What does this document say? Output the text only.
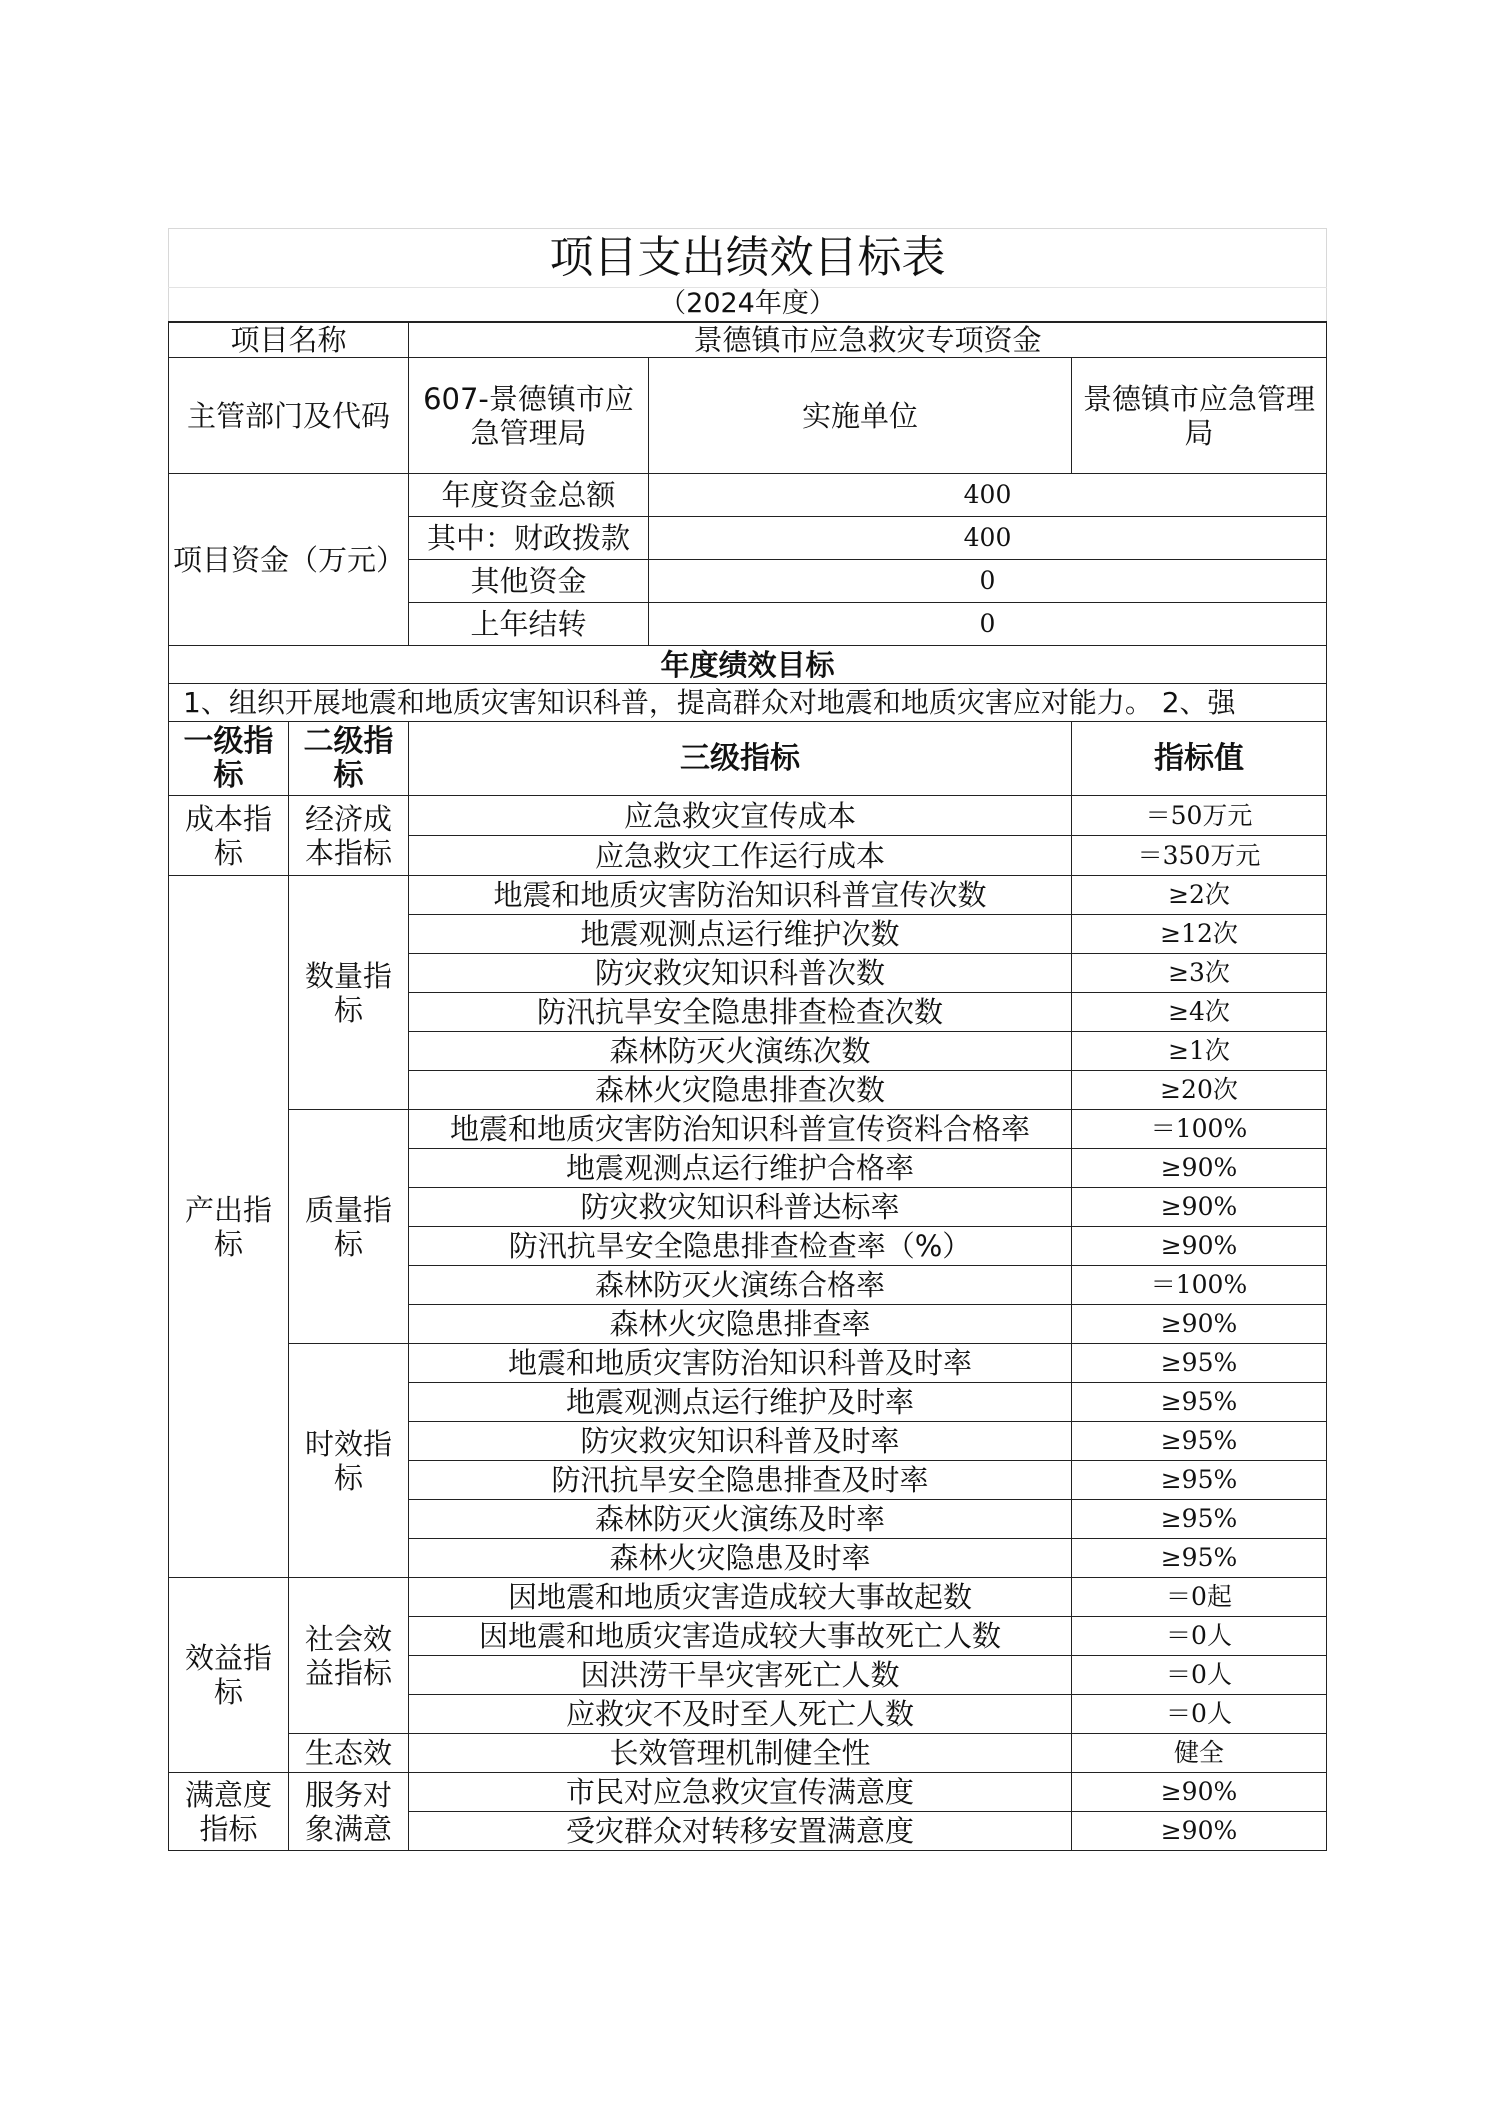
项目支出绩效目标表				
（2024年度）				
项目名称		景德镇市应急救灾专项资金		
主管部门及代码		607-景德镇市应急管理局	实施单位	景德镇市应急管理局
项目资金（万元）		年度资金总额	400	
		其中：财政拨款	400	
		其他资金	0	
		上年结转	0	
年度绩效目标				
1、组织开展地震和地质灾害知识科普，提高群众对地震和地质灾害应对能力。 2、强				
一级指标	二级指标	三级指标		指标值
成本指标	经济成本指标	应急救灾宣传成本		＝50万元
		应急救灾工作运行成本		＝350万元
产出指标	数量指标	地震和地质灾害防治知识科普宣传次数		≥2次
		地震观测点运行维护次数		≥12次
		防灾救灾知识科普次数		≥3次
		防汛抗旱安全隐患排查检查次数		≥4次
		森林防灭火演练次数		≥1次
		森林火灾隐患排查次数		≥20次
	质量指标	地震和地质灾害防治知识科普宣传资料合格率		＝100%
		地震观测点运行维护合格率		≥90%
		防灾救灾知识科普达标率		≥90%
		防汛抗旱安全隐患排查检查率（%）		≥90%
		森林防灭火演练合格率		＝100%
		森林火灾隐患排查率		≥90%
	时效指标	地震和地质灾害防治知识科普及时率		≥95%
		地震观测点运行维护及时率		≥95%
		防灾救灾知识科普及时率		≥95%
		防汛抗旱安全隐患排查及时率		≥95%
		森林防灭火演练及时率		≥95%
		森林火灾隐患及时率		≥95%
效益指标	社会效益指标	因地震和地质灾害造成较大事故起数		＝0起
		因地震和地质灾害造成较大事故死亡人数		＝0人
		因洪涝干旱灾害死亡人数		＝0人
		应救灾不及时至人死亡人数		＝0人
	生态效	长效管理机制健全性		健全
满意度指标	服务对象满意	市民对应急救灾宣传满意度		≥90%
		受灾群众对转移安置满意度		≥90%
